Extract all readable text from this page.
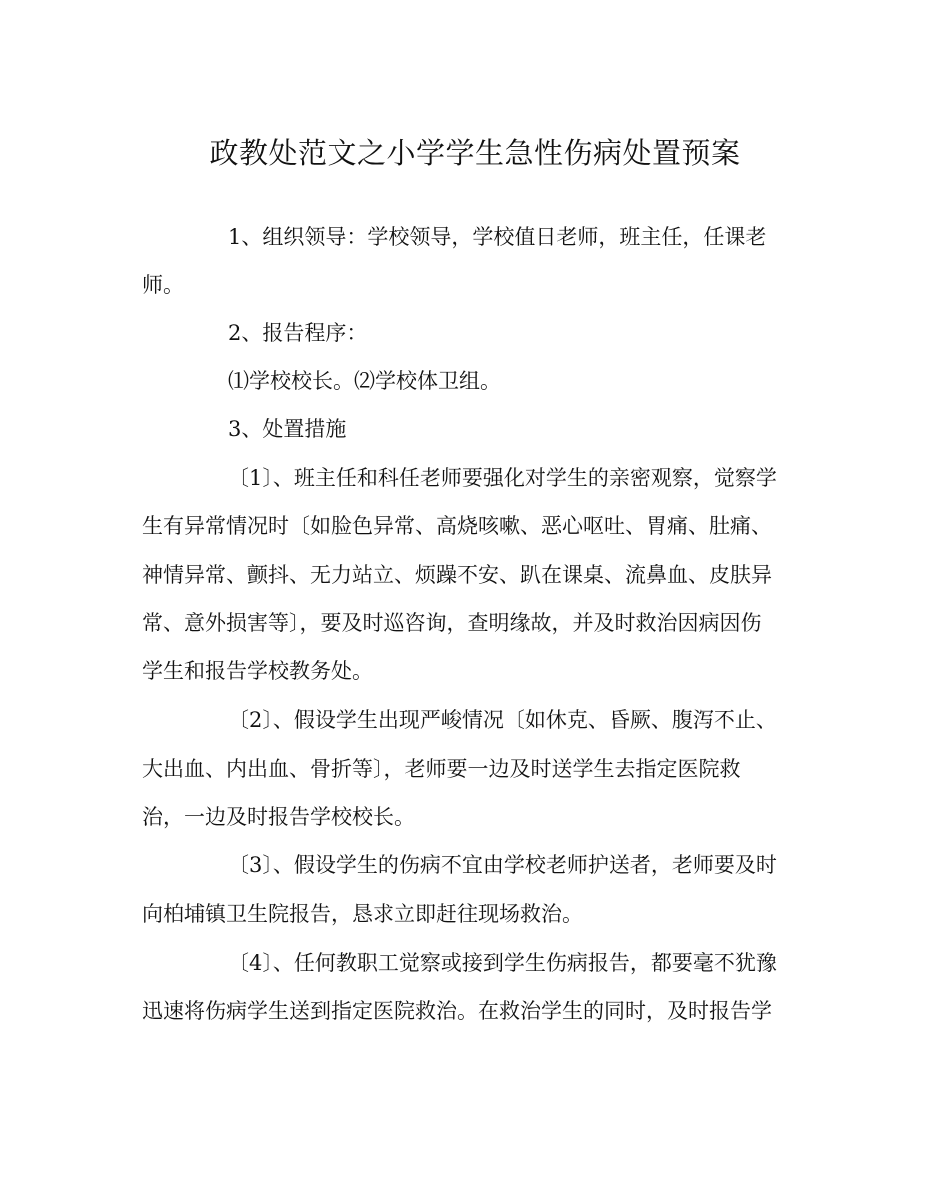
政教处范文之小学学生急性伤病处置预案

1、组织领导：学校领导，学校值日老师，班主任，任课老

师。

2、报告程序：

⑴学校校长。⑵学校体卫组。

3、处置措施

〔1〕、班主任和科任老师要强化对学生的亲密观察，觉察学

生有异常情况时〔如脸色异常、高烧咳嗽、恶心呕吐、胃痛、肚痛、

神情异常、颤抖、无力站立、烦躁不安、趴在课桌、流鼻血、皮肤异

常、意外损害等〕，要及时巡咨询，查明缘故，并及时救治因病因伤

学生和报告学校教务处。

〔2〕、假设学生出现严峻情况〔如休克、昏厥、腹泻不止、

大出血、内出血、骨折等〕，老师要一边及时送学生去指定医院救

治，一边及时报告学校校长。

〔3〕、假设学生的伤病不宜由学校老师护送者，老师要及时

向柏埔镇卫生院报告，恳求立即赶往现场救治。

〔4〕、任何教职工觉察或接到学生伤病报告，都要毫不犹豫

迅速将伤病学生送到指定医院救治。在救治学生的同时，及时报告学
